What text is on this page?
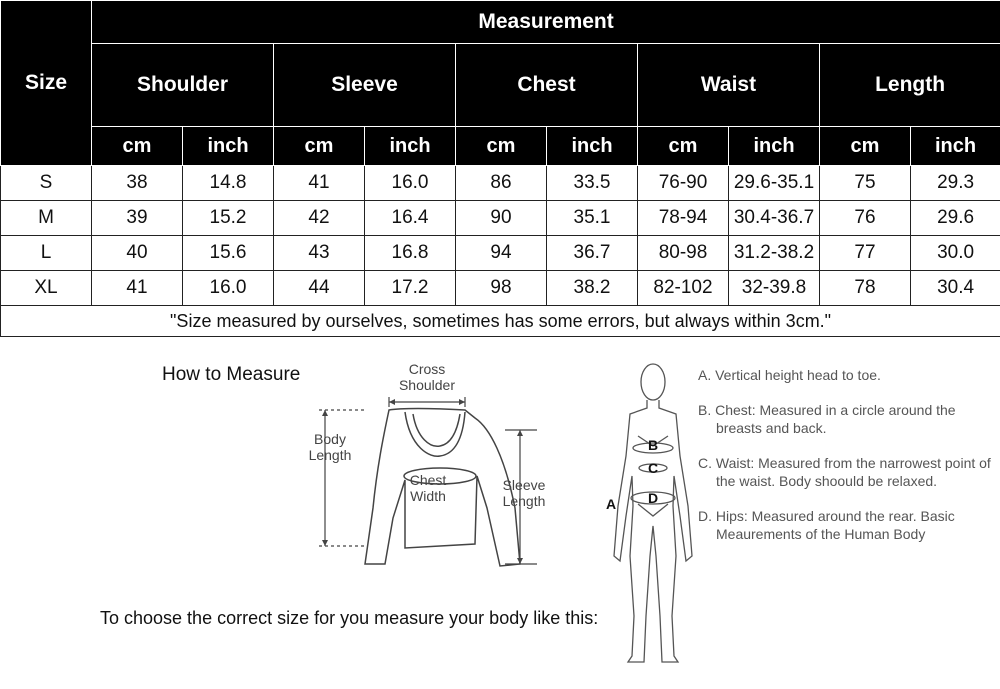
Size	Measurement									
	Shoulder		Sleeve		Chest		Waist		Length	
	cm	inch	cm	inch	cm	inch	cm	inch	cm	inch
S	38	14.8	41	16.0	86	33.5	76-90	29.6-35.1	75	29.3
M	39	15.2	42	16.4	90	35.1	78-94	30.4-36.7	76	29.6
L	40	15.6	43	16.8	94	36.7	80-98	31.2-38.2	77	30.0
XL	41	16.0	44	17.2	98	38.2	82-102	32-39.8	78	30.4
"Size measured by ourselves, sometimes has some errors, but always within 3cm."										
How to Measure
To choose the correct size for you measure your body like this:
Cross
Shoulder
Body
Length
Chest
Width
Sleeve
Length	A
B
C
D
A. Vertical height head to toe.
B. Chest: Measured in a circle around the breasts and back.
C. Waist: Measured from the narrowest point of the waist. Body shoould be relaxed.
D. Hips: Measured around the rear. Basic Meaurements of the Human Body
